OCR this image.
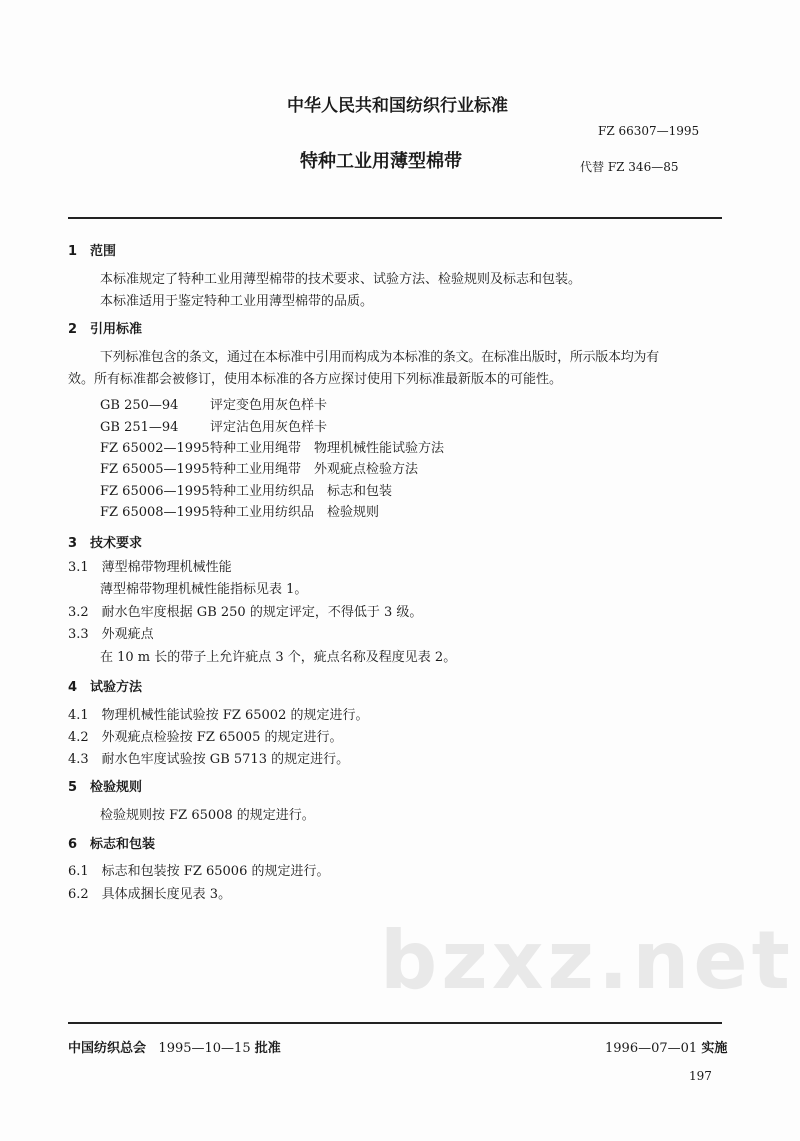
中华人民共和国纺织行业标准
FZ 66307—1995
特种工业用薄型棉带	代替 FZ 346—85
1　范围
本标准规定了特种工业用薄型棉带的技术要求、试验方法、检验规则及标志和包装。
本标准适用于鉴定特种工业用薄型棉带的品质。
2　引用标准
下列标准包含的条文，通过在本标准中引用而构成为本标准的条文。在标准出版时，所示版本均为有
效。所有标准都会被修订，使用本标准的各方应探讨使用下列标准最新版本的可能性。
GB 250—94 评定变色用灰色样卡
GB 251—94 评定沾色用灰色样卡
FZ 65002—1995特种工业用绳带　物理机械性能试验方法
FZ 65005—1995特种工业用绳带　外观疵点检验方法
FZ 65006—1995特种工业用纺织品　标志和包装
FZ 65008—1995特种工业用纺织品　检验规则
3　技术要求
3.1　薄型棉带物理机械性能
薄型棉带物理机械性能指标见表 1。
3.2　耐水色牢度根据 GB 250 的规定评定，不得低于 3 级。
3.3　外观疵点
在 10 m 长的带子上允许疵点 3 个，疵点名称及程度见表 2。
4　试验方法
4.1　物理机械性能试验按 FZ 65002 的规定进行。
4.2　外观疵点检验按 FZ 65005 的规定进行。
4.3　耐水色牢度试验按 GB 5713 的规定进行。
5　检验规则
检验规则按 FZ 65008 的规定进行。
6　标志和包装
6.1　标志和包装按 FZ 65006 的规定进行。
6.2　具体成捆长度见表 3。
bzxz.net
中国纺织总会 1995—10—15 批准	1996—07—01 实施
197
